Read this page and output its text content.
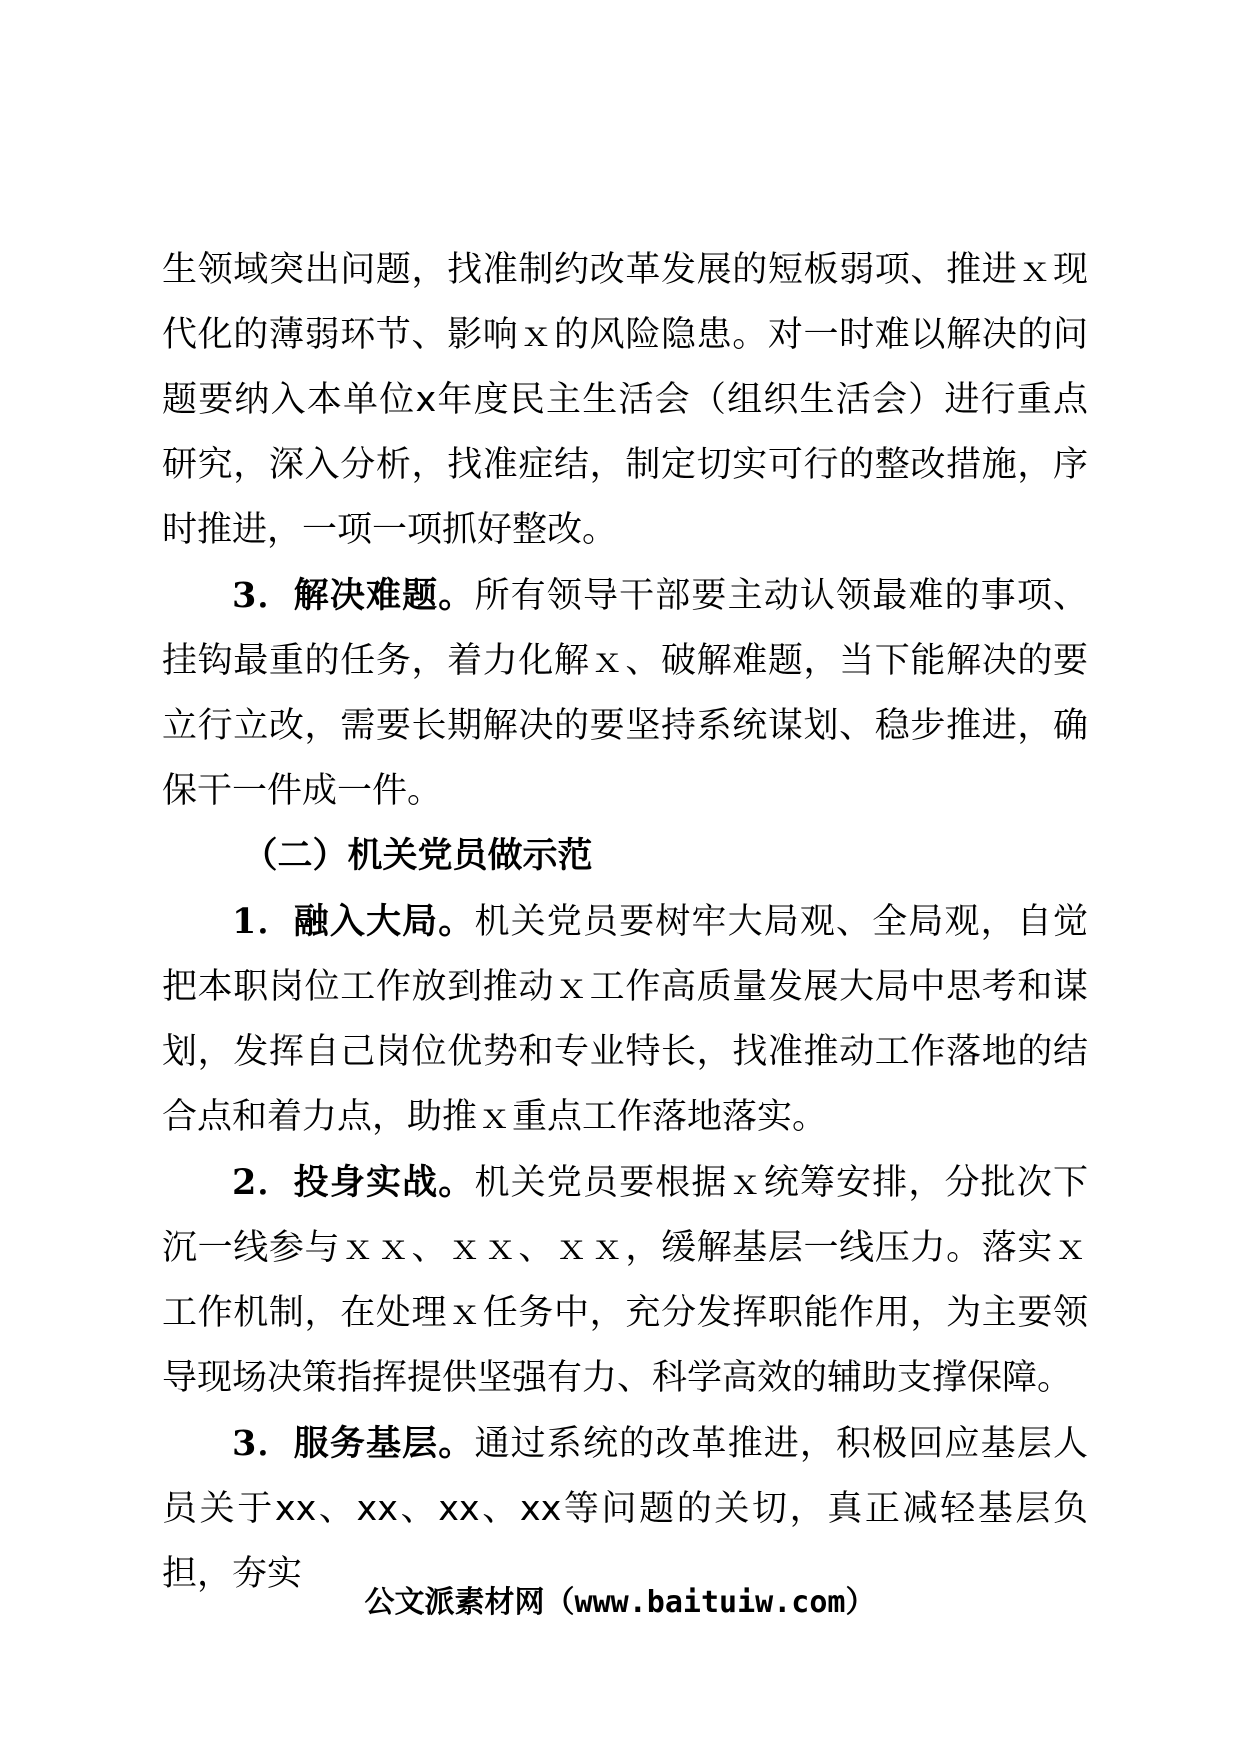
生领域突出问题，找准制约改革发展的短板弱项、推进ｘ现代化的薄弱环节、影响ｘ的风险隐患。对一时难以解决的问题要纳入本单位x年度民主生活会（组织生活会）进行重点研究，深入分析，找准症结，制定切实可行的整改措施，序时推进，一项一项抓好整改。

3．解决难题。所有领导干部要主动认领最难的事项、挂钩最重的任务，着力化解ｘ、破解难题，当下能解决的要立行立改，需要长期解决的要坚持系统谋划、稳步推进，确保干一件成一件。

（二）机关党员做示范

1．融入大局。机关党员要树牢大局观、全局观，自觉把本职岗位工作放到推动ｘ工作高质量发展大局中思考和谋划，发挥自己岗位优势和专业特长，找准推动工作落地的结合点和着力点，助推ｘ重点工作落地落实。

2．投身实战。机关党员要根据ｘ统筹安排，分批次下沉一线参与ｘｘ、ｘｘ、ｘｘ，缓解基层一线压力。落实ｘ工作机制，在处理ｘ任务中，充分发挥职能作用，为主要领导现场决策指挥提供坚强有力、科学高效的辅助支撑保障。

3．服务基层。通过系统的改革推进，积极回应基层人员关于xx、xx、xx、xx等问题的关切，真正减轻基层负担，夯实

公文派素材网（www.baituiw.com）
